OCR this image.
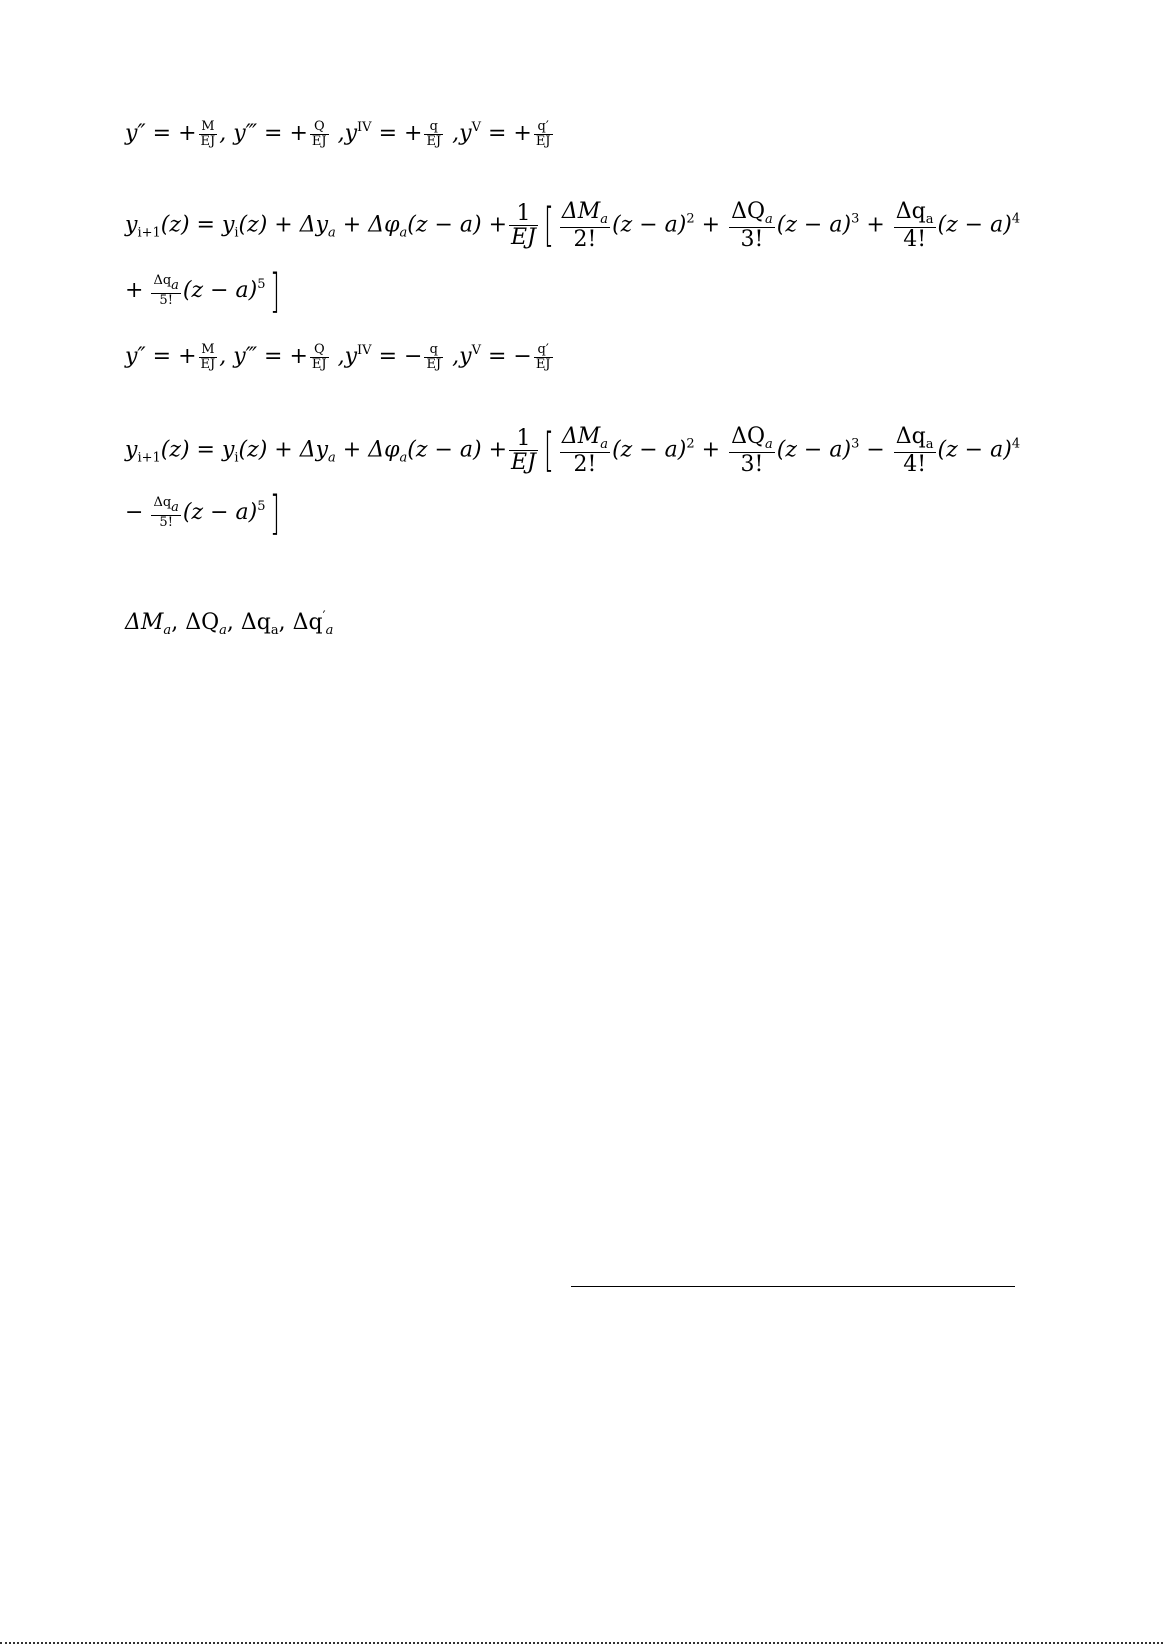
y″ = + $\frac{M}{EJ}$ , y‴ = + $\frac{Q}{EJ} ,y^{IV}$ = + $\frac{q}{EJ} ,y^V$ = + $\frac{q'}{EJ}$
$y_{i+1}(z) = y_i(z) + \Delta y_a + \Delta\varphi_a(z - a) + \frac{1}{EJ}$ [ $\frac{\Delta M_a}{2!} (z - a)^2 + \frac{\Delta Q_a}{3!} (z - a)^3 + \frac{\Delta q_a}{4!} (z - a)^4$
+ $\frac{\Delta q_a}{5!} (z - a)^5$]
y″ = + $\frac{M}{EJ}$ , y‴ = + $\frac{Q}{EJ} ,y^{IV}$ = − $\frac{q}{EJ} ,y^V$ = − $\frac{q'}{EJ}$
$y_{i+1}(z) = y_i(z) + \Delta y_a + \Delta\varphi_a(z - a) + \frac{1}{EJ}$ [ $\frac{\Delta M_a}{2!} (z - a)^2 + \frac{\Delta Q_a}{3!} (z - a)^3 - \frac{\Delta q_a}{4!} (z - a)^4$
− $\frac{\Delta q_a}{5!} (z - a)^5$]
$\Delta M_a$, $\Delta Q_a$, $\Delta q_a$, $\Delta q'_a$
